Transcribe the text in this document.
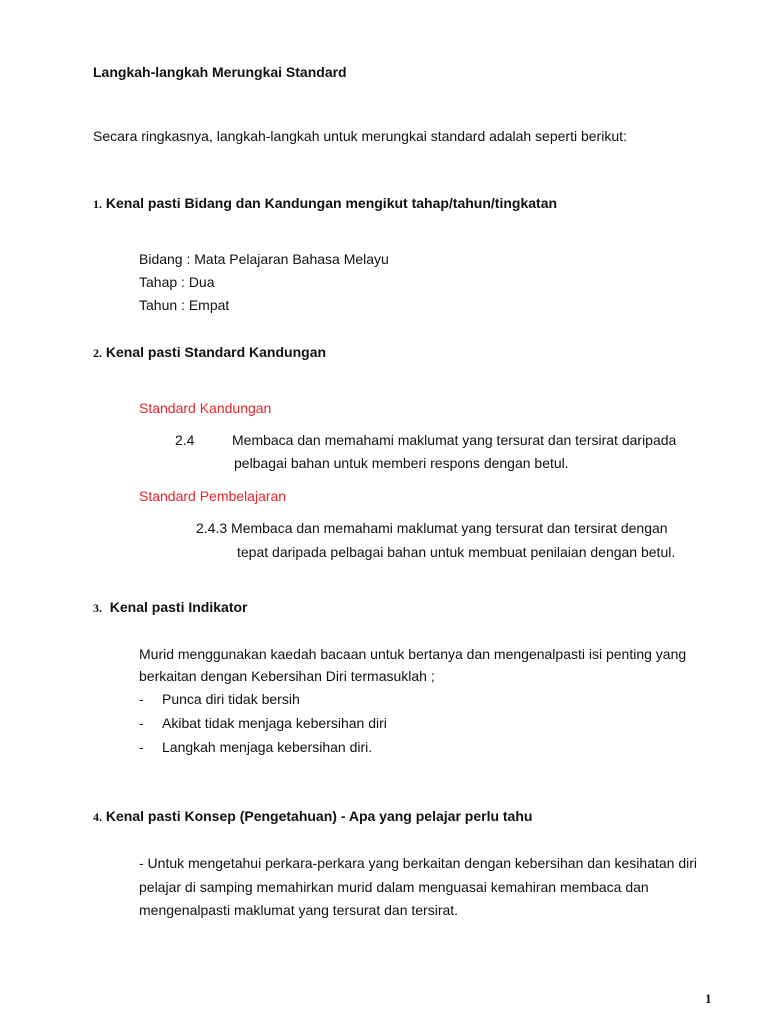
Langkah-langkah Merungkai Standard
Secara ringkasnya, langkah-langkah untuk merungkai standard adalah seperti berikut:
1. Kenal pasti Bidang dan Kandungan mengikut tahap/tahun/tingkatan
Bidang : Mata Pelajaran Bahasa Melayu
Tahap : Dua
Tahun : Empat
2. Kenal pasti Standard Kandungan
Standard Kandungan
2.4	Membaca dan memahami maklumat yang tersurat dan tersirat daripada
pelbagai bahan untuk memberi respons dengan betul.
Standard Pembelajaran
2.4.3 Membaca dan memahami maklumat yang tersurat dan tersirat dengan
tepat daripada pelbagai bahan untuk membuat penilaian dengan betul.
3. Kenal pasti Indikator
Murid menggunakan kaedah bacaan untuk bertanya dan mengenalpasti isi penting yang
berkaitan dengan Kebersihan Diri termasuklah ;
- Punca diri tidak bersih
- Akibat tidak menjaga kebersihan diri
- Langkah menjaga kebersihan diri.
4. Kenal pasti Konsep (Pengetahuan) - Apa yang pelajar perlu tahu
- Untuk mengetahui perkara-perkara yang berkaitan dengan kebersihan dan kesihatan diri
pelajar di samping memahirkan murid dalam menguasai kemahiran membaca dan
mengenalpasti maklumat yang tersurat dan tersirat.
1
